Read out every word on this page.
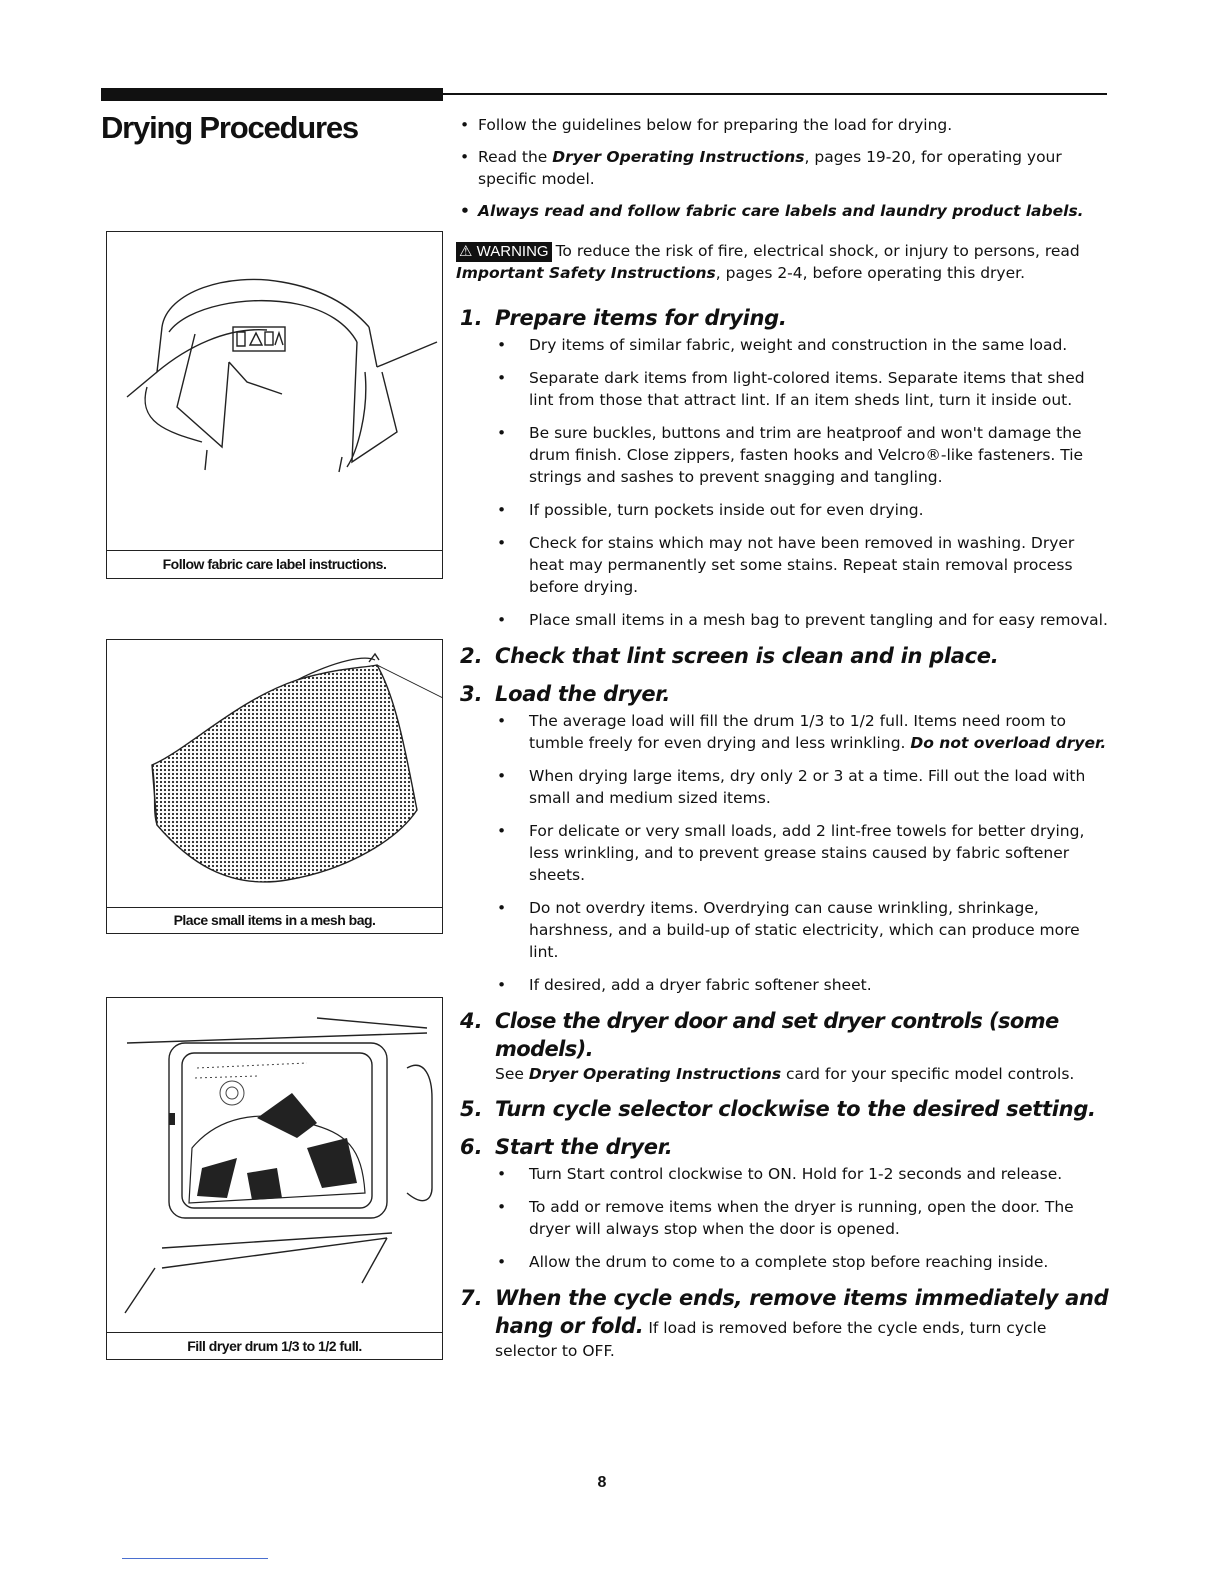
Drying Procedures
Follow fabric care label instructions.
Place small items in a mesh bag.
Fill dryer drum 1/3 to 1/2 full.

• Follow the guidelines below for preparing the load for drying.

• Read the Dryer Operating Instructions, pages 19-20, for operating your specific model.

• Always read and follow fabric care labels and laundry product labels.

⚠ WARNING To reduce the risk of fire, electrical shock, or injury to persons, read Important Safety Instructions, pages 2-4, before operating this dryer.

1. Prepare items for drying.
• Dry items of similar fabric, weight and construction in the same load.
• Separate dark items from light-colored items. Separate items that shed lint from those that attract lint. If an item sheds lint, turn it inside out.
• Be sure buckles, buttons and trim are heatproof and won't damage the drum finish. Close zippers, fasten hooks and Velcro®-like fasteners. Tie strings and sashes to prevent snagging and tangling.
• If possible, turn pockets inside out for even drying.
• Check for stains which may not have been removed in washing. Dryer heat may permanently set some stains. Repeat stain removal process before drying.
• Place small items in a mesh bag to prevent tangling and for easy removal.
2. Check that lint screen is clean and in place.
3. Load the dryer.
• The average load will fill the drum 1/3 to 1/2 full. Items need room to tumble freely for even drying and less wrinkling. Do not overload dryer.
• When drying large items, dry only 2 or 3 at a time. Fill out the load with small and medium sized items.
• For delicate or very small loads, add 2 lint-free towels for better drying, less wrinkling, and to prevent grease stains caused by fabric softener sheets.
• Do not overdry items. Overdrying can cause wrinkling, shrinkage, harshness, and a build-up of static electricity, which can produce more lint.
• If desired, add a dryer fabric softener sheet.
4. Close the dryer door and set dryer controls (some models).

See Dryer Operating Instructions card for your specific model controls.

5. Turn cycle selector clockwise to the desired setting.
6. Start the dryer.
• Turn Start control clockwise to ON. Hold for 1-2 seconds and release.
• To add or remove items when the dryer is running, open the door. The dryer will always stop when the door is opened.
• Allow the drum to come to a complete stop before reaching inside.
7. When the cycle ends, remove items immediately and hang or fold. If load is removed before the cycle ends, turn cycle selector to OFF.
8
